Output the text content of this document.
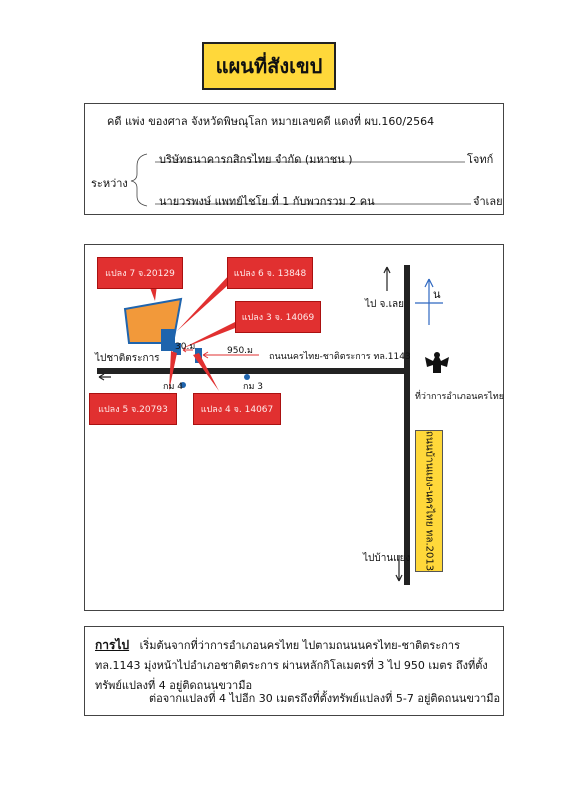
แผนที่สังเขป
คดี แพ่ง ของศาล จังหวัดพิษณุโลก หมายเลขคดี แดงที่ ผบ.160/2564
ระหว่าง
บริษัทธนาคารกสิกรไทย จำกัด (มหาชน )	โจทก์
นายวรพงษ์ แพทย์ไชโย ที่ 1 กับพวกรวม 2 คน	จำเลย
แปลง 7 จ.20129	แปลง 6 จ. 13848
แปลง 3 จ. 14069
แปลง 5 จ.20793	แปลง 4 จ. 14067
30.ม	950.ม
ถนนนครไทย-ชาติตระการ ทล.1143
ไปชาติตระการ
กม 4	กม 3
ไป จ.เลย
น
ที่ว่าการอำเภอนครไทย
ถนนบ้านแยง-นครไทย ทล.2013
ไปบ้านแยง
การไป เริ่มต้นจากที่ว่าการอำเภอนครไทย ไปตามถนนนครไทย-ชาติตระการ ทล.1143 มุ่งหน้าไปอำเภอชาติตระการ ผ่านหลักกิโลเมตรที่ 3 ไป 950 เมตร ถึงที่ตั้งทรัพย์แปลงที่ 4 อยู่ติดถนนขวามือ
ต่อจากแปลงที่ 4 ไปอีก 30 เมตรถึงที่ตั้งทรัพย์แปลงที่ 5-7 อยู่ติดถนนขวามือ
